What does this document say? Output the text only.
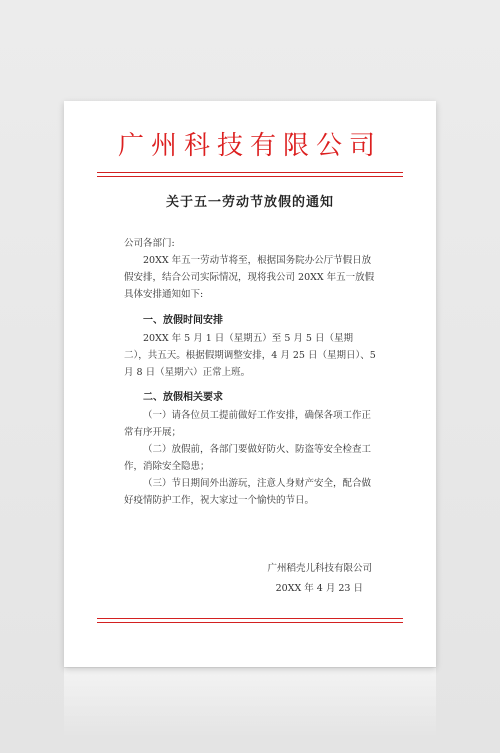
广州科技有限公司
关于五一劳动节放假的通知
公司各部门:
20XX 年五一劳动节将至，根据国务院办公厅节假日放假安排，结合公司实际情况，现将我公司 20XX 年五一放假具体安排通知如下:
一、放假时间安排
20XX 年 5 月 1 日（星期五）至 5 月 5 日（星期二），共五天。根据假期调整安排，4 月 25 日（星期日）、5 月 8 日（星期六）正常上班。
二、放假相关要求
（一）请各位员工提前做好工作安排，确保各项工作正常有序开展；
（二）放假前，各部门要做好防火、防盗等安全检查工作，消除安全隐患；
（三）节日期间外出游玩，注意人身财产安全，配合做好疫情防护工作，祝大家过一个愉快的节日。
广州稻壳儿科技有限公司
20XX 年 4 月 23 日
